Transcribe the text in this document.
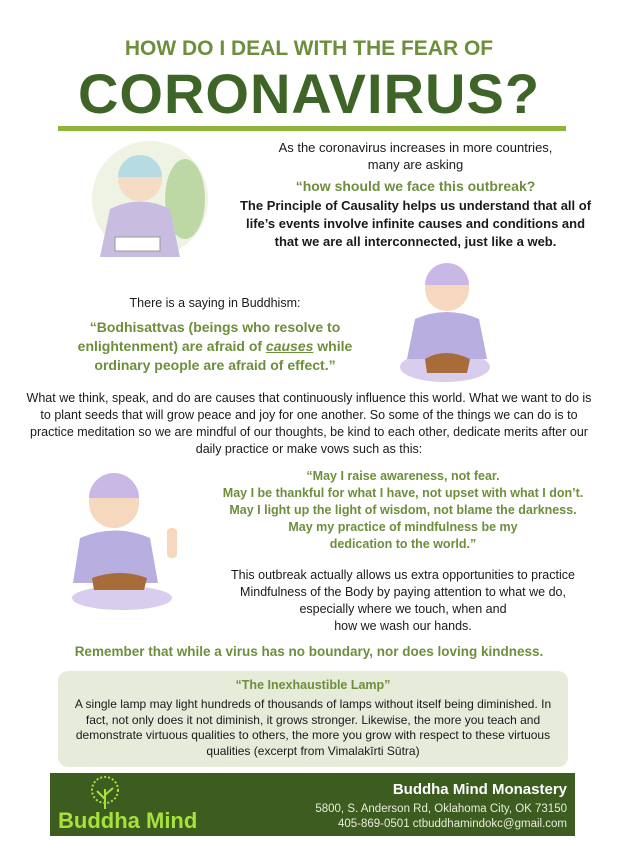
HOW DO I DEAL WITH THE FEAR OF
CORONAVIRUS?
As the coronavirus increases in more countries,
many are asking
“how should we face this outbreak?
The Principle of Causality helps us understand that all of life’s events involve infinite causes and conditions and that we are all interconnected, just like a web.
There is a saying in Buddhism:
“Bodhisattvas (beings who resolve to enlightenment) are afraid of causes while ordinary people are afraid of effect.”
What we think, speak, and do are causes that continuously influence this world. What we want to do is to plant seeds that will grow peace and joy for one another. So some of the things we can do is to practice meditation so we are mindful of our thoughts, be kind to each other, dedicate merits after our daily practice or make vows such as this:
“May I raise awareness, not fear.
May I be thankful for what I have, not upset with what I don’t.
May I light up the light of wisdom, not blame the darkness.
May my practice of mindfulness be my
dedication to the world.”
This outbreak actually allows us extra opportunities to practice
Mindfulness of the Body by paying attention to what we do,
especially where we touch, when and
how we wash our hands.
Remember that while a virus has no boundary, nor does loving kindness.
“The Inexhaustible Lamp”

A single lamp may light hundreds of thousands of lamps without itself being diminished. In fact, not only does it not diminish, it grows stronger. Likewise, the more you teach and demonstrate virtuous qualities to others, the more you grow with respect to these virtuous qualities (excerpt from Vimalakīrti Sūtra)

Buddha Mind
Buddha Mind Monastery
5800, S. Anderson Rd, Oklahoma City, OK 73150
405-869-0501 ctbuddhamindokc@gmail.com
